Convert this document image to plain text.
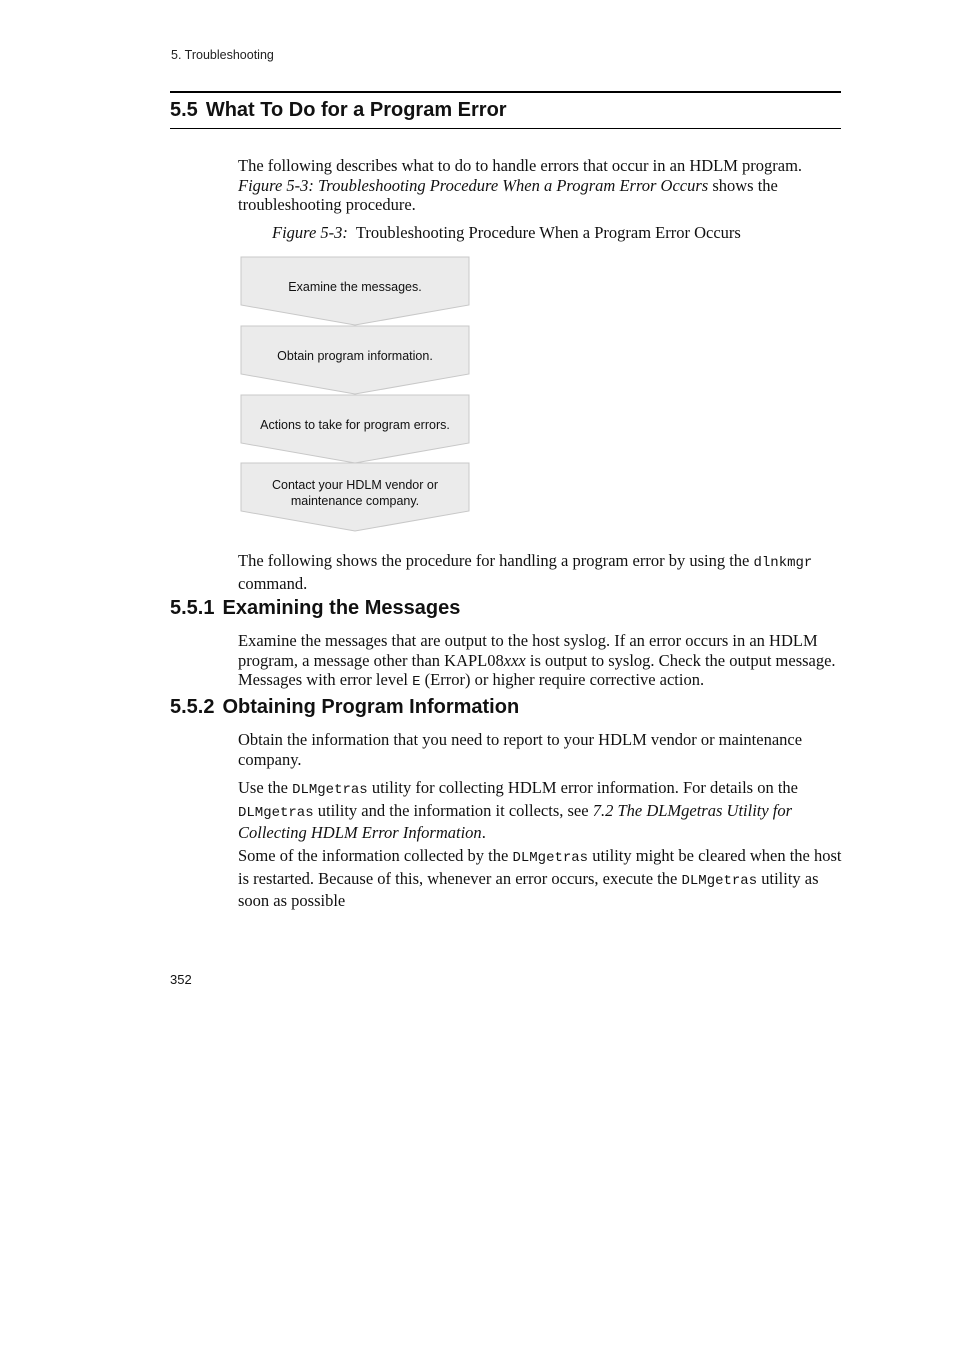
5. Troubleshooting
5.5 What To Do for a Program Error

The following describes what to do to handle errors that occur in an HDLM program. Figure 5-3: Troubleshooting Procedure When a Program Error Occurs shows the troubleshooting procedure.

Figure 5-3: Troubleshooting Procedure When a Program Error Occurs
Examine the messages.
Obtain program information.
Actions to take for program errors.
Contact your HDLM vendor or
maintenance company.

The following shows the procedure for handling a program error by using the dlnkmgr command.

5.5.1 Examining the Messages

Examine the messages that are output to the host syslog. If an error occurs in an HDLM program, a message other than KAPL08xxx is output to syslog. Check the output message. Messages with error level E (Error) or higher require corrective action.

5.5.2 Obtaining Program Information

Obtain the information that you need to report to your HDLM vendor or maintenance company.

Use the DLMgetras utility for collecting HDLM error information. For details on the DLMgetras utility and the information it collects, see 7.2 The DLMgetras Utility for Collecting HDLM Error Information.

Some of the information collected by the DLMgetras utility might be cleared when the host is restarted. Because of this, whenever an error occurs, execute the DLMgetras utility as soon as possible

352
